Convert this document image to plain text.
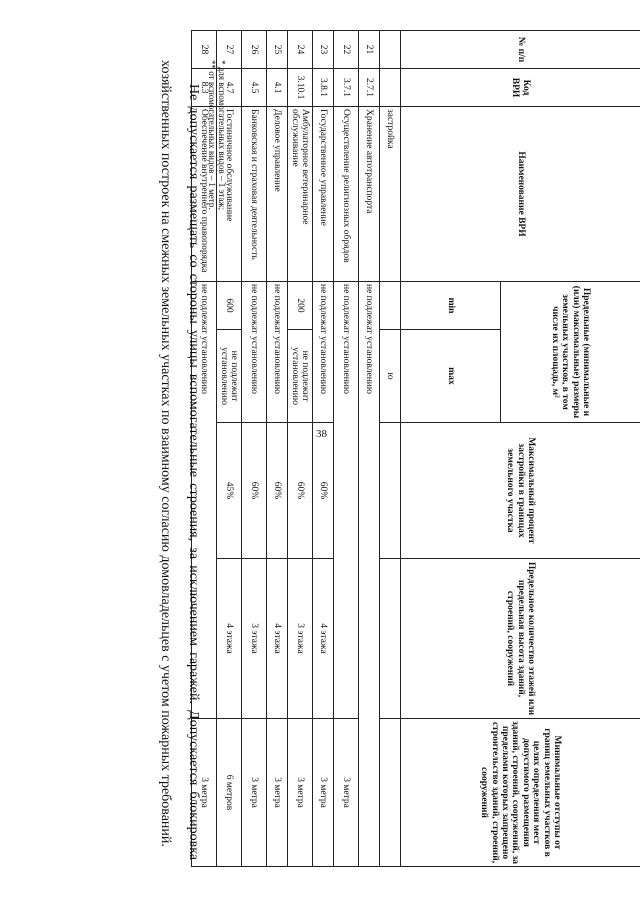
38
№ п/п	Код ВРИ	Наименование ВРИ	Предельные (минимальные и (или) максимальные) размеры земельных участков, в том числе их площадь, м²		Максимальный процент застройки в границах земельного участка	Предельное количество этажей или предельная высота зданий, строений, сооружений	Минимальные отступы от границ земельных участков в целях определения мест допустимого размещения зданий, строений, сооружений, за пределами которых запрещено строительство зданий, строений, сооружений
			min	max			
		застройка		ю			
21	2.7.1	Хранение автотранспорта	не подлежат установлению				
22	3.7.1	Осуществление религиозных обрядов	не подлежат установлению				3 метра
23	3.8.1	Государственное управление	не подлежат установлению		60%	4 этажа	3 метра
24	3.10.1	Амбулаторное ветеринарное обслуживание	200	не подлежит установлению	60%	3 этажа	3 метра
25	4.1	Деловое управление	не подлежат установлению		60%	4 этажа	3 метра
26	4.5	Банковская и страховая деятельность	не подлежат установлению		60%	3 этажа	3 метра
27	4.7	Гостиничное обслуживание	600	не подлежит установлению	45%	4 этажа	6 метров
28	8.3	Обеспечение внутреннего правопорядка	не подлежат установлению				3 метра
* для вспомогательных видов – 1 этаж;
** от вспомогательных видов – 1 метр.
Не допускается размещать со стороны улицы вспомогательные строения, за исключением гаражей. Допускается блокировка хозяйственных построек на смежных земельных участках по взаимному согласию домовладельцев с учетом пожарных требований.
